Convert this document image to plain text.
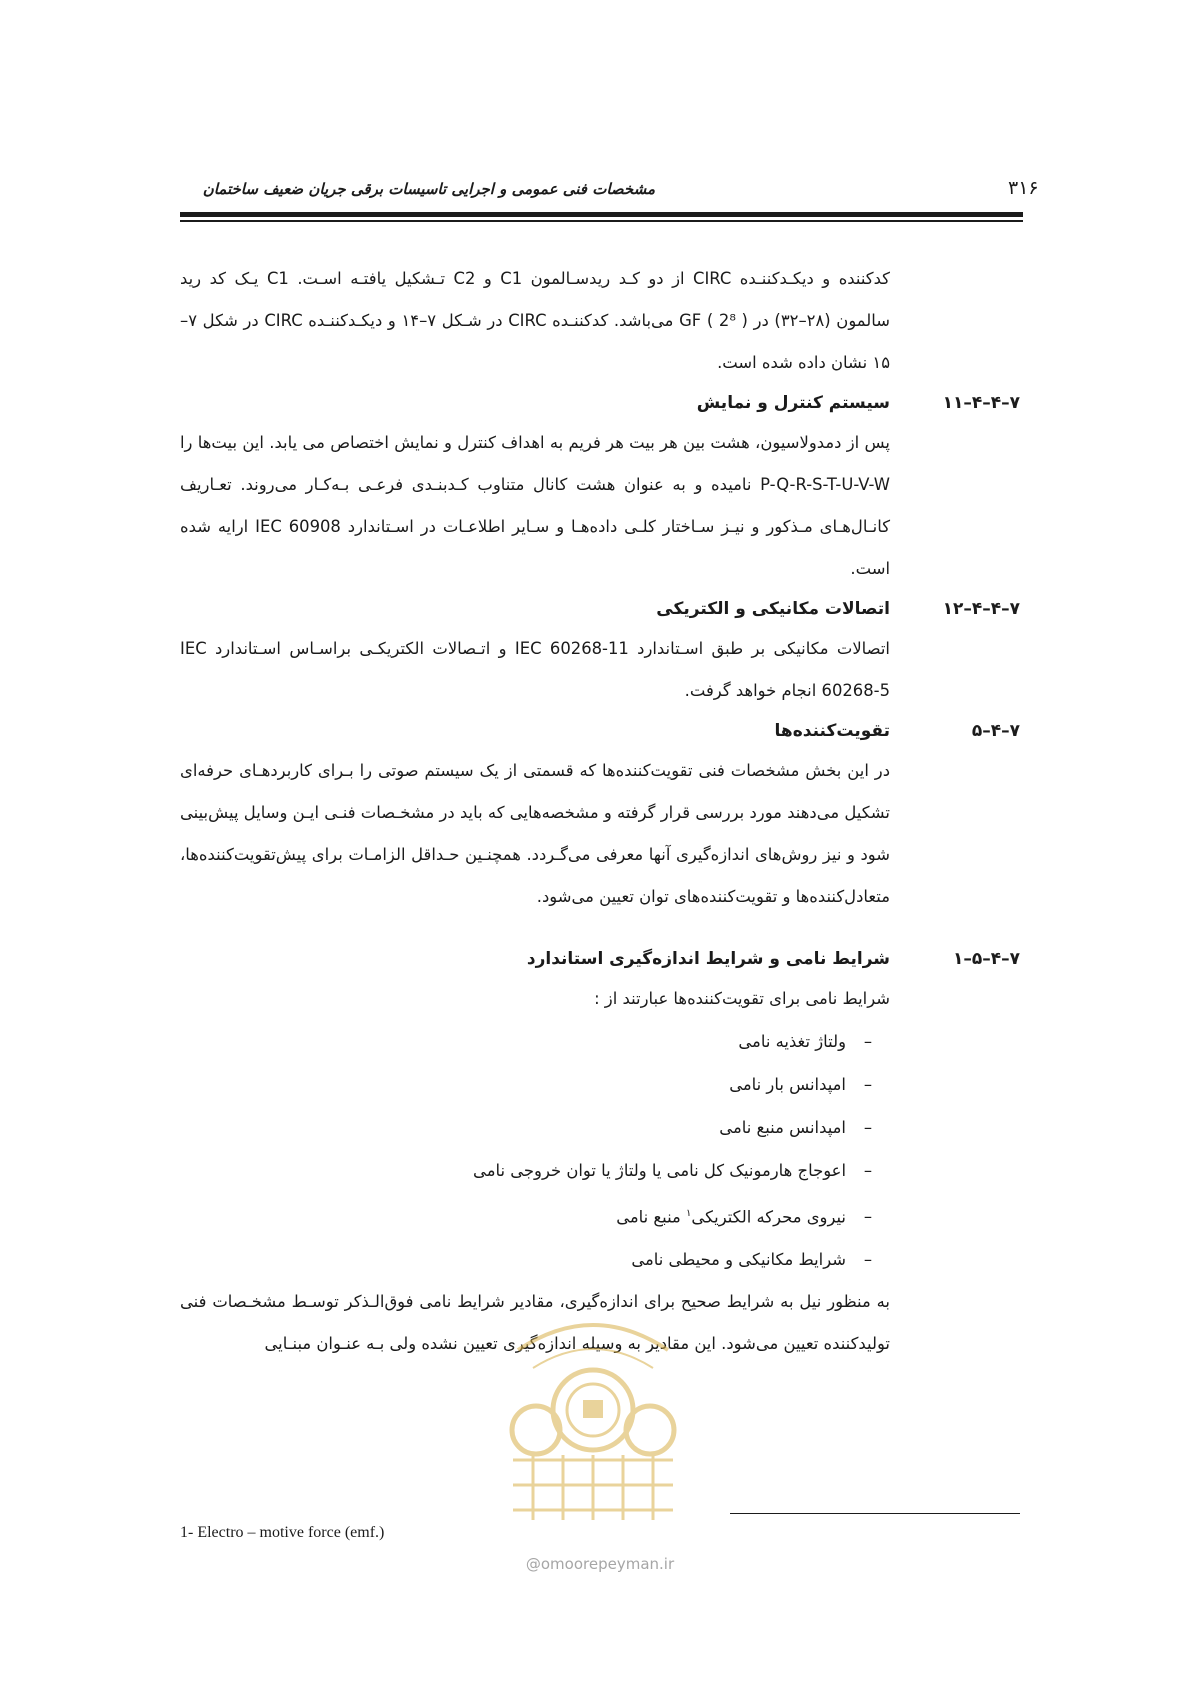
مشخصات فنی عمومی و اجرایی تاسیسات برقی جریان ضعیف ساختمان	۳۱۶

کدکننده و دیکـدکننـده CIRC از دو کـد ریدسـالمون C1 و C2 تـشکیل یافتـه اسـت. C1 یـک کد رید سالمون (۲۸–۳۲) در ( 2⁸ ) GF می‌باشد. کدکننـده CIRC در شـکل ۷–۱۴ و دیکـدکننـده CIRC در شکل ۷–۱۵ نشان داده شده است.

۷–۴–۴–۱۱
سیستم کنترل و نمایش

پس از دمدولاسیون، هشت بین هر بیت هر فریم به اهداف کنترل و نمایش اختصاص می یابد. این بیت‌ها را P-Q-R-S-T-U-V-W نامیده و به عنوان هشت کانال متناوب کـدبنـدی فرعـی بـه‌کـار می‌روند. تعـاریف کانـال‌هـای مـذکور و نیـز سـاختار کلـی داده‌هـا و سـایر اطلاعـات در اسـتاندارد IEC 60908 ارایه شده است.

۷–۴–۴–۱۲
اتصالات مکانیکی و الکتریکی

اتصالات مکانیکی بر طبق اسـتاندارد IEC 60268-11 و اتـصالات الکتریکـی براسـاس اسـتاندارد IEC 60268-5 انجام خواهد گرفت.

۷–۴–۵
تقویت‌کننده‌ها

در این بخش مشخصات فنی تقویت‌کننده‌ها که قسمتی از یک سیستم صوتی را بـرای کاربردهـای حرفه‌ای تشکیل می‌دهند مورد بررسی قرار گرفته و مشخصه‌هایی که باید در مشخـصات فنـی ایـن وسایل پیش‌بینی شود و نیز روش‌های اندازه‌گیری آنها معرفی می‌گـردد. همچنـین حـداقل الزامـات برای پیش‌تقویت‌کننده‌ها، متعادل‌کننده‌ها و تقویت‌کننده‌های توان تعیین می‌شود.

۷–۴–۵–۱
شرایط نامی و شرایط اندازه‌گیری استاندارد

شرایط نامی برای تقویت‌کننده‌ها عبارتند از :

–ولتاژ تغذیه نامی
–امپدانس بار نامی
–امپدانس منبع نامی
–اعوجاج هارمونیک کل نامی یا ولتاژ یا توان خروجی نامی
–نیروی محرکه الکتریکی$^۱$ منبع نامی
–شرایط مکانیکی و محیطی نامی

به منظور نیل به شرایط صحیح برای اندازه‌گیری، مقادیر شرایط نامی فوق‌الـذکر توسـط مشخـصات فنی تولیدکننده تعیین می‌شود. این مقادیر به وسیله اندازه‌گیری تعیین نشده ولی بـه عنـوان مبنـایی

@omoorepeyman.ir
1- Electro – motive force (emf.)
